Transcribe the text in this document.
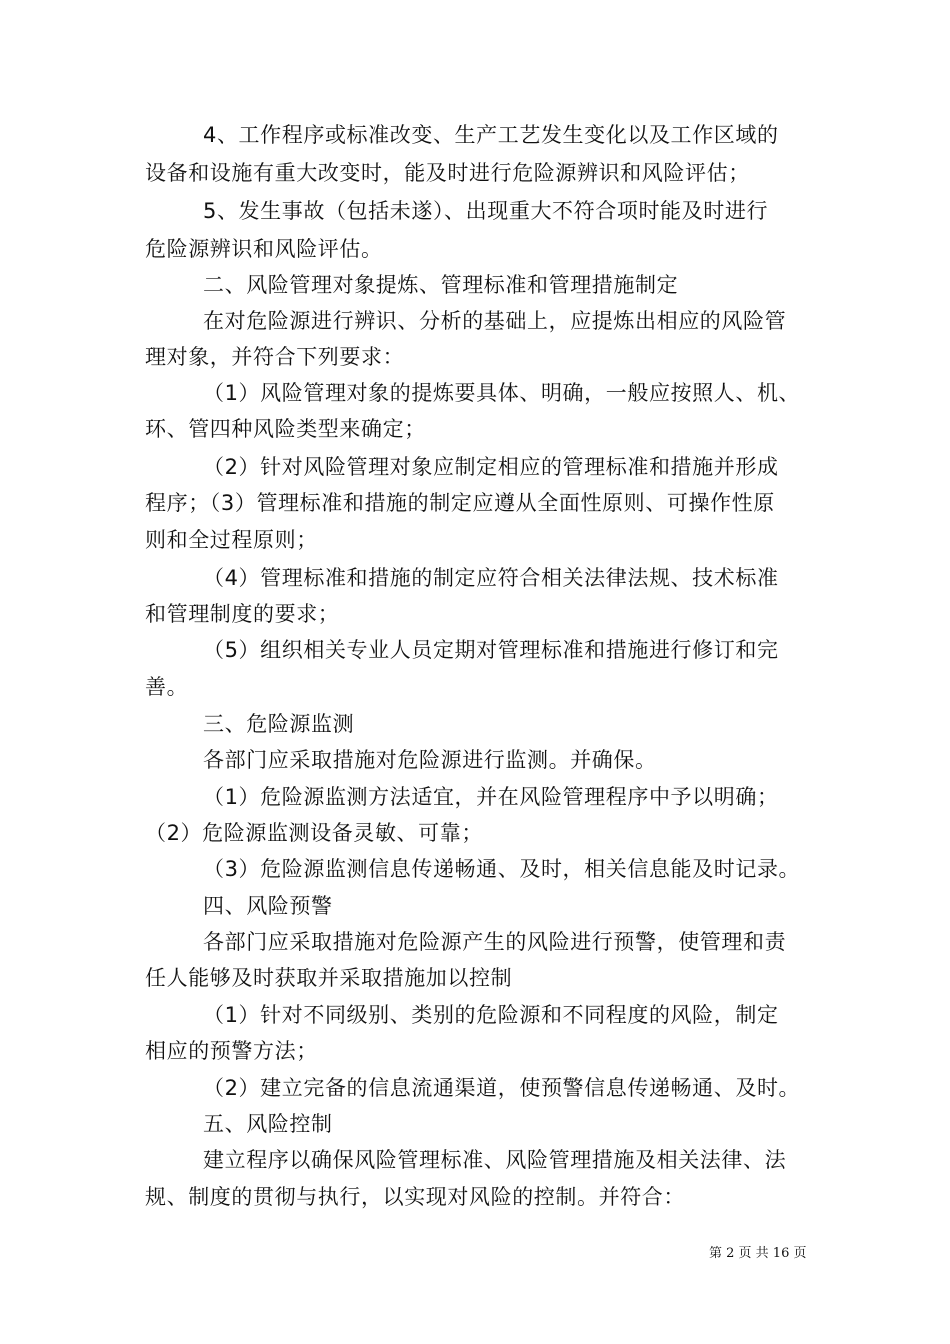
4、工作程序或标准改变、生产工艺发生变化以及工作区域的
设备和设施有重大改变时，能及时进行危险源辨识和风险评估；
5、发生事故（包括未遂）、出现重大不符合项时能及时进行
危险源辨识和风险评估。
二、风险管理对象提炼、管理标准和管理措施制定
在对危险源进行辨识、分析的基础上，应提炼出相应的风险管
理对象，并符合下列要求：
（1）风险管理对象的提炼要具体、明确，一般应按照人、机、
环、管四种风险类型来确定；
（2）针对风险管理对象应制定相应的管理标准和措施并形成
程序；（3）管理标准和措施的制定应遵从全面性原则、可操作性原
则和全过程原则；
（4）管理标准和措施的制定应符合相关法律法规、技术标准
和管理制度的要求；
（5）组织相关专业人员定期对管理标准和措施进行修订和完
善。
三、危险源监测
各部门应采取措施对危险源进行监测。并确保。
（1）危险源监测方法适宜，并在风险管理程序中予以明确；
（2）危险源监测设备灵敏、可靠；
（3）危险源监测信息传递畅通、及时，相关信息能及时记录。
四、风险预警
各部门应采取措施对危险源产生的风险进行预警，使管理和责
任人能够及时获取并采取措施加以控制
（1）针对不同级别、类别的危险源和不同程度的风险，制定
相应的预警方法；
（2）建立完备的信息流通渠道，使预警信息传递畅通、及时。
五、风险控制
建立程序以确保风险管理标准、风险管理措施及相关法律、法
规、制度的贯彻与执行，以实现对风险的控制。并符合：
第 2 页 共 16 页
